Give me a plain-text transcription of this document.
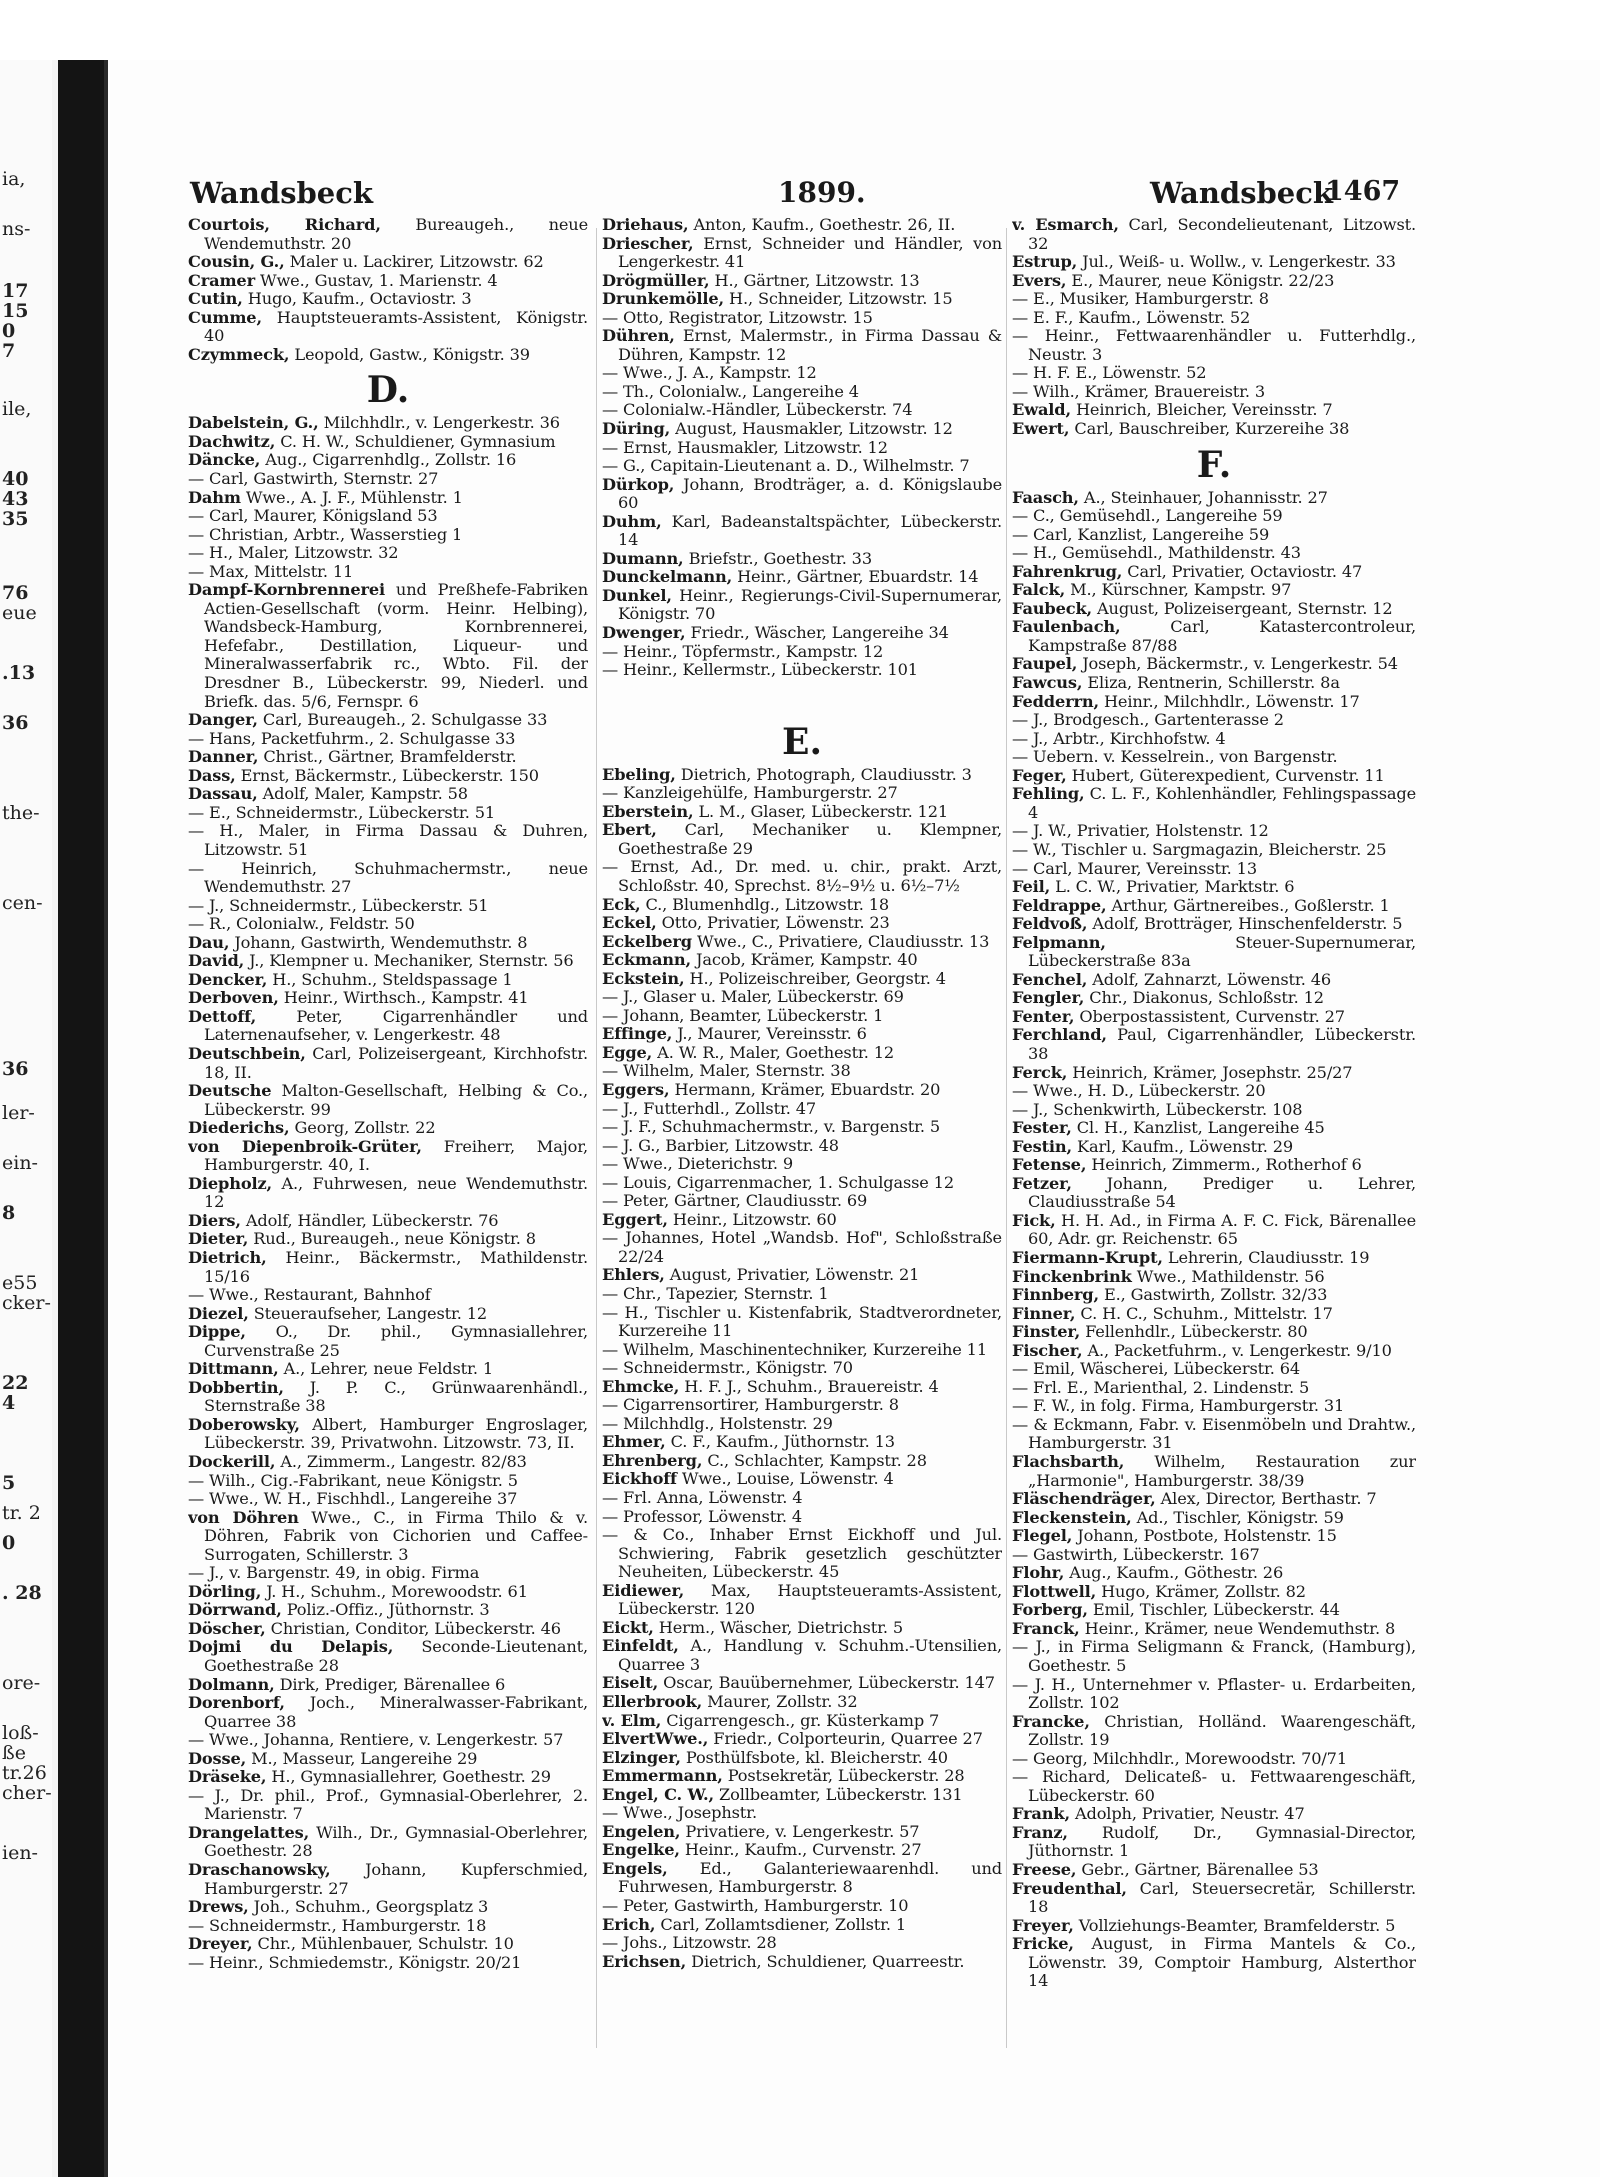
ia,
ns-
17
15
0
7
ile,
40
43
35
76
eue
.13
36
the-
cen-
36
ler-
ein-
8
e55
cker-
22
4
5
tr. 2
0
. 28
ore-
loß-
ße
tr.26
cher-
ien-
Wandsbeck	1899.	Wandsbeck
1467

Courtois, Richard, Bureaugeh., neue Wendemuthstr. 20

Cousin, G., Maler u. Lackirer, Litzowstr. 62

Cramer Wwe., Gustav, 1. Marienstr. 4

Cutin, Hugo, Kaufm., Octaviostr. 3

Cumme, Hauptsteueramts-Assistent, Königstr. 40

Czymmeck, Leopold, Gastw., Königstr. 39

D.

Dabelstein, G., Milchhdlr., v. Lengerkestr. 36

Dachwitz, C. H. W., Schuldiener, Gymnasium

Däncke, Aug., Cigarrenhdlg., Zollstr. 16

— Carl, Gastwirth, Sternstr. 27

Dahm Wwe., A. J. F., Mühlenstr. 1

— Carl, Maurer, Königsland 53

— Christian, Arbtr., Wasserstieg 1

— H., Maler, Litzowstr. 32

— Max, Mittelstr. 11

Dampf-Kornbrennerei und Preßhefe-Fabriken Actien-Gesellschaft (vorm. Heinr. Helbing), Wandsbeck-Hamburg, Kornbrennerei, Hefefabr., Destillation, Liqueur- und Mineralwasserfabrik rc., Wbto. Fil. der Dresdner B., Lübeckerstr. 99, Niederl. und Briefk. das. 5/6, Fernspr. 6

Danger, Carl, Bureaugeh., 2. Schulgasse 33

— Hans, Packetfuhrm., 2. Schulgasse 33

Danner, Christ., Gärtner, Bramfelderstr.

Dass, Ernst, Bäckermstr., Lübeckerstr. 150

Dassau, Adolf, Maler, Kampstr. 58

— E., Schneidermstr., Lübeckerstr. 51

— H., Maler, in Firma Dassau & Duhren, Litzowstr. 51

— Heinrich, Schuhmachermstr., neue Wendemuthstr. 27

— J., Schneidermstr., Lübeckerstr. 51

— R., Colonialw., Feldstr. 50

Dau, Johann, Gastwirth, Wendemuthstr. 8

David, J., Klempner u. Mechaniker, Sternstr. 56

Dencker, H., Schuhm., Steldspassage 1

Derboven, Heinr., Wirthsch., Kampstr. 41

Dettoff, Peter, Cigarrenhändler und Laternenaufseher, v. Lengerkestr. 48

Deutschbein, Carl, Polizeisergeant, Kirchhofstr. 18, II.

Deutsche Malton-Gesellschaft, Helbing & Co., Lübeckerstr. 99

Diederichs, Georg, Zollstr. 22

von Diepenbroik-Grüter, Freiherr, Major, Hamburgerstr. 40, I.

Diepholz, A., Fuhrwesen, neue Wendemuthstr. 12

Diers, Adolf, Händler, Lübeckerstr. 76

Dieter, Rud., Bureaugeh., neue Königstr. 8

Dietrich, Heinr., Bäckermstr., Mathildenstr. 15/16

— Wwe., Restaurant, Bahnhof

Diezel, Steueraufseher, Langestr. 12

Dippe, O., Dr. phil., Gymnasiallehrer, Curvenstraße 25

Dittmann, A., Lehrer, neue Feldstr. 1

Dobbertin, J. P. C., Grünwaarenhändl., Sternstraße 38

Doberowsky, Albert, Hamburger Engroslager, Lübeckerstr. 39, Privatwohn. Litzowstr. 73, II.

Dockerill, A., Zimmerm., Langestr. 82/83

— Wilh., Cig.-Fabrikant, neue Königstr. 5

— Wwe., W. H., Fischhdl., Langereihe 37

von Döhren Wwe., C., in Firma Thilo & v. Döhren, Fabrik von Cichorien und Caffee-Surrogaten, Schillerstr. 3

— J., v. Bargenstr. 49, in obig. Firma

Dörling, J. H., Schuhm., Morewoodstr. 61

Dörrwand, Poliz.-Offiz., Jüthornstr. 3

Döscher, Christian, Conditor, Lübeckerstr. 46

Dojmi du Delapis, Seconde-Lieutenant, Goethestraße 28

Dolmann, Dirk, Prediger, Bärenallee 6

Dorenborf, Joch., Mineralwasser-Fabrikant, Quarree 38

— Wwe., Johanna, Rentiere, v. Lengerkestr. 57

Dosse, M., Masseur, Langereihe 29

Dräseke, H., Gymnasiallehrer, Goethestr. 29

— J., Dr. phil., Prof., Gymnasial-Oberlehrer, 2. Marienstr. 7

Drangelattes, Wilh., Dr., Gymnasial-Oberlehrer, Goethestr. 28

Draschanowsky, Johann, Kupferschmied, Hamburgerstr. 27

Drews, Joh., Schuhm., Georgsplatz 3

— Schneidermstr., Hamburgerstr. 18

Dreyer, Chr., Mühlenbauer, Schulstr. 10

— Heinr., Schmiedemstr., Königstr. 20/21

Driehaus, Anton, Kaufm., Goethestr. 26, II.

Driescher, Ernst, Schneider und Händler, von Lengerkestr. 41

Drögmüller, H., Gärtner, Litzowstr. 13

Drunkemölle, H., Schneider, Litzowstr. 15

— Otto, Registrator, Litzowstr. 15

Dühren, Ernst, Malermstr., in Firma Dassau & Dühren, Kampstr. 12

— Wwe., J. A., Kampstr. 12

— Th., Colonialw., Langereihe 4

— Colonialw.-Händler, Lübeckerstr. 74

Düring, August, Hausmakler, Litzowstr. 12

— Ernst, Hausmakler, Litzowstr. 12

— G., Capitain-Lieutenant a. D., Wilhelmstr. 7

Dürkop, Johann, Brodträger, a. d. Königslaube 60

Duhm, Karl, Badeanstaltspächter, Lübeckerstr. 14

Dumann, Briefstr., Goethestr. 33

Dunckelmann, Heinr., Gärtner, Ebuardstr. 14

Dunkel, Heinr., Regierungs-Civil-Supernumerar, Königstr. 70

Dwenger, Friedr., Wäscher, Langereihe 34

— Heinr., Töpfermstr., Kampstr. 12

— Heinr., Kellermstr., Lübeckerstr. 101

E.

Ebeling, Dietrich, Photograph, Claudiusstr. 3

— Kanzleigehülfe, Hamburgerstr. 27

Eberstein, L. M., Glaser, Lübeckerstr. 121

Ebert, Carl, Mechaniker u. Klempner, Goethestraße 29

— Ernst, Ad., Dr. med. u. chir., prakt. Arzt, Schloßstr. 40, Sprechst. 8½–9½ u. 6½–7½

Eck, C., Blumenhdlg., Litzowstr. 18

Eckel, Otto, Privatier, Löwenstr. 23

Eckelberg Wwe., C., Privatiere, Claudiusstr. 13

Eckmann, Jacob, Krämer, Kampstr. 40

Eckstein, H., Polizeischreiber, Georgstr. 4

— J., Glaser u. Maler, Lübeckerstr. 69

— Johann, Beamter, Lübeckerstr. 1

Effinge, J., Maurer, Vereinsstr. 6

Egge, A. W. R., Maler, Goethestr. 12

— Wilhelm, Maler, Sternstr. 38

Eggers, Hermann, Krämer, Ebuardstr. 20

— J., Futterhdl., Zollstr. 47

— J. F., Schuhmachermstr., v. Bargenstr. 5

— J. G., Barbier, Litzowstr. 48

— Wwe., Dieterichstr. 9

— Louis, Cigarrenmacher, 1. Schulgasse 12

— Peter, Gärtner, Claudiusstr. 69

Eggert, Heinr., Litzowstr. 60

— Johannes, Hotel „Wandsb. Hof", Schloßstraße 22/24

Ehlers, August, Privatier, Löwenstr. 21

— Chr., Tapezier, Sternstr. 1

— H., Tischler u. Kistenfabrik, Stadtverordneter, Kurzereihe 11

— Wilhelm, Maschinentechniker, Kurzereihe 11

— Schneidermstr., Königstr. 70

Ehmcke, H. F. J., Schuhm., Brauereistr. 4

— Cigarrensortirer, Hamburgerstr. 8

— Milchhdlg., Holstenstr. 29

Ehmer, C. F., Kaufm., Jüthornstr. 13

Ehrenberg, C., Schlachter, Kampstr. 28

Eickhoff Wwe., Louise, Löwenstr. 4

— Frl. Anna, Löwenstr. 4

— Professor, Löwenstr. 4

— & Co., Inhaber Ernst Eickhoff und Jul. Schwiering, Fabrik gesetzlich geschützter Neuheiten, Lübeckerstr. 45

Eidiewer, Max, Hauptsteueramts-Assistent, Lübeckerstr. 120

Eickt, Herm., Wäscher, Dietrichstr. 5

Einfeldt, A., Handlung v. Schuhm.-Utensilien, Quarree 3

Eiselt, Oscar, Bauübernehmer, Lübeckerstr. 147

Ellerbrook, Maurer, Zollstr. 32

v. Elm, Cigarrengesch., gr. Küsterkamp 7

ElvertWwe., Friedr., Colporteurin, Quarree 27

Elzinger, Posthülfsbote, kl. Bleicherstr. 40

Emmermann, Postsekretär, Lübeckerstr. 28

Engel, C. W., Zollbeamter, Lübeckerstr. 131

— Wwe., Josephstr.

Engelen, Privatiere, v. Lengerkestr. 57

Engelke, Heinr., Kaufm., Curvenstr. 27

Engels, Ed., Galanteriewaarenhdl. und Fuhrwesen, Hamburgerstr. 8

— Peter, Gastwirth, Hamburgerstr. 10

Erich, Carl, Zollamtsdiener, Zollstr. 1

— Johs., Litzowstr. 28

Erichsen, Dietrich, Schuldiener, Quarreestr.

v. Esmarch, Carl, Secondelieutenant, Litzowst. 32

Estrup, Jul., Weiß- u. Wollw., v. Lengerkestr. 33

Evers, E., Maurer, neue Königstr. 22/23

— E., Musiker, Hamburgerstr. 8

— E. F., Kaufm., Löwenstr. 52

— Heinr., Fettwaarenhändler u. Futterhdlg., Neustr. 3

— H. F. E., Löwenstr. 52

— Wilh., Krämer, Brauereistr. 3

Ewald, Heinrich, Bleicher, Vereinsstr. 7

Ewert, Carl, Bauschreiber, Kurzereihe 38

F.

Faasch, A., Steinhauer, Johannisstr. 27

— C., Gemüsehdl., Langereihe 59

— Carl, Kanzlist, Langereihe 59

— H., Gemüsehdl., Mathildenstr. 43

Fahrenkrug, Carl, Privatier, Octaviostr. 47

Falck, M., Kürschner, Kampstr. 97

Faubeck, August, Polizeisergeant, Sternstr. 12

Faulenbach,	Carl, Katastercontroleur, Kampstraße 87/88

Faupel, Joseph, Bäckermstr., v. Lengerkestr. 54

Fawcus, Eliza, Rentnerin, Schillerstr. 8a

Fedderrn, Heinr., Milchhdlr., Löwenstr. 17

— J., Brodgesch., Gartenterasse 2

— J., Arbtr., Kirchhofstw. 4

— Uebern. v. Kesselrein., von Bargenstr.

Feger, Hubert, Güterexpedient, Curvenstr. 11

Fehling, C. L. F., Kohlenhändler, Fehlingspassage 4

— J. W., Privatier, Holstenstr. 12

— W., Tischler u. Sargmagazin, Bleicherstr. 25

— Carl, Maurer, Vereinsstr. 13

Feil, L. C. W., Privatier, Marktstr. 6

Feldrappe, Arthur, Gärtnereibes., Goßlerstr. 1

Feldvoß, Adolf, Brotträger, Hinschenfelderstr. 5

Felpmann,	Steuer-Supernumerar, Lübeckerstraße 83a

Fenchel, Adolf, Zahnarzt, Löwenstr. 46

Fengler, Chr., Diakonus, Schloßstr. 12

Fenter, Oberpostassistent, Curvenstr. 27

Ferchland, Paul, Cigarrenhändler, Lübeckerstr. 38

Ferck, Heinrich, Krämer, Josephstr. 25/27

— Wwe., H. D., Lübeckerstr. 20

— J., Schenkwirth, Lübeckerstr. 108

Fester, Cl. H., Kanzlist, Langereihe 45

Festin, Karl, Kaufm., Löwenstr. 29

Fetense, Heinrich, Zimmerm., Rotherhof 6

Fetzer, Johann, Prediger u. Lehrer, Claudiusstraße 54

Fick, H. H. Ad., in Firma A. F. C. Fick, Bärenallee 60, Adr. gr. Reichenstr. 65

Fiermann-Krupt, Lehrerin, Claudiusstr. 19

Finckenbrink Wwe., Mathildenstr. 56

Finnberg, E., Gastwirth, Zollstr. 32/33

Finner, C. H. C., Schuhm., Mittelstr. 17

Finster, Fellenhdlr., Lübeckerstr. 80

Fischer, A., Packetfuhrm., v. Lengerkestr. 9/10

— Emil, Wäscherei, Lübeckerstr. 64

— Frl. E., Marienthal, 2. Lindenstr. 5

— F. W., in folg. Firma, Hamburgerstr. 31

— & Eckmann, Fabr. v. Eisenmöbeln und Drahtw., Hamburgerstr. 31

Flachsbarth, Wilhelm, Restauration zur „Harmonie", Hamburgerstr. 38/39

Fläschendräger, Alex, Director, Berthastr. 7

Fleckenstein, Ad., Tischler, Königstr. 59

Flegel, Johann, Postbote, Holstenstr. 15

— Gastwirth, Lübeckerstr. 167

Flohr, Aug., Kaufm., Göthestr. 26

Flottwell, Hugo, Krämer, Zollstr. 82

Forberg, Emil, Tischler, Lübeckerstr. 44

Franck, Heinr., Krämer, neue Wendemuthstr. 8

— J., in Firma Seligmann & Franck, (Hamburg), Goethestr. 5

— J. H., Unternehmer v. Pflaster- u. Erdarbeiten, Zollstr. 102

Francke, Christian, Holländ. Waarengeschäft, Zollstr. 19

— Georg, Milchhdlr., Morewoodstr. 70/71

— Richard, Delicateß- u. Fettwaarengeschäft, Lübeckerstr. 60

Frank, Adolph, Privatier, Neustr. 47

Franz, Rudolf, Dr., Gymnasial-Director, Jüthornstr. 1

Freese, Gebr., Gärtner, Bärenallee 53

Freudenthal, Carl, Steuersecretär, Schillerstr. 18

Freyer, Vollziehungs-Beamter, Bramfelderstr. 5

Fricke, August, in Firma Mantels & Co., Löwenstr. 39, Comptoir Hamburg, Alsterthor 14
